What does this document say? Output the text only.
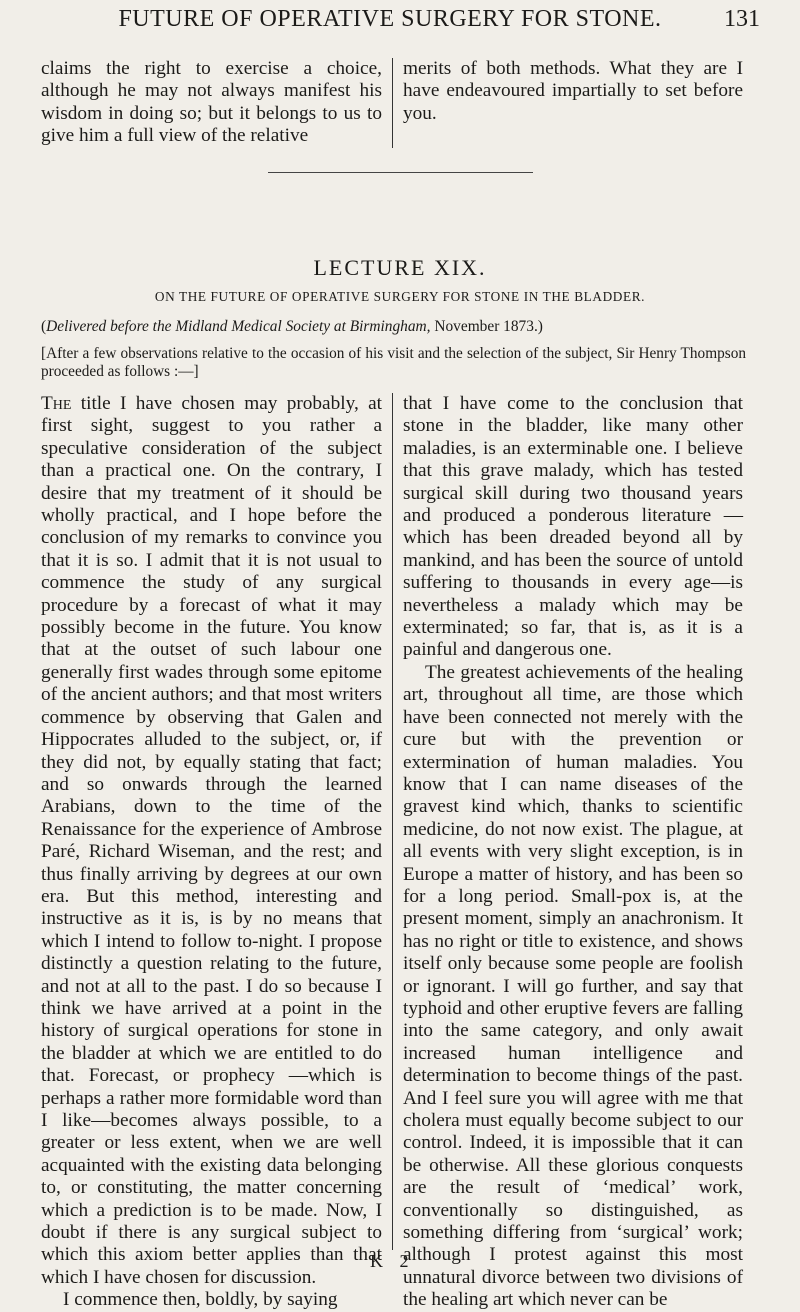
FUTURE OF OPERATIVE SURGERY FOR STONE.	131

claims the right to exercise a choice, although he may not always manifest his wisdom in doing so; but it belongs to us to give him a full view of the relative

merits of both methods. What they are I have endeavoured impartially to set before you.

LECTURE XIX.
ON THE FUTURE OF OPERATIVE SURGERY FOR STONE IN THE BLADDER.
(Delivered before the Midland Medical Society at Birmingham, November 1873.)
[After a few observations relative to the occasion of his visit and the selection of the subject, Sir Henry Thompson proceeded as follows :—]

The title I have chosen may probably, at first sight, suggest to you rather a speculative consideration of the subject than a practical one. On the contrary, I desire that my treatment of it should be wholly practical, and I hope before the conclusion of my remarks to convince you that it is so. I admit that it is not usual to commence the study of any surgical procedure by a forecast of what it may possibly become in the future. You know that at the outset of such labour one generally first wades through some epitome of the ancient authors; and that most writers commence by observing that Galen and Hippocrates alluded to the subject, or, if they did not, by equally stating that fact; and so onwards through the learned Arabians, down to the time of the Renaissance for the experience of Ambrose Paré, Richard Wiseman, and the rest; and thus finally arriving by degrees at our own era. But this method, interesting and instructive as it is, is by no means that which I intend to follow to-night. I propose distinctly a question relating to the future, and not at all to the past. I do so because I think we have arrived at a point in the history of surgical operations for stone in the bladder at which we are entitled to do that. Forecast, or prophecy —which is perhaps a rather more formidable word than I like—becomes always possible, to a greater or less extent, when we are well acquainted with the existing data belonging to, or constituting, the matter concerning which a prediction is to be made. Now, I doubt if there is any surgical subject to which this axiom better applies than that which I have chosen for discussion.

I commence then, boldly, by saying

that I have come to the conclusion that stone in the bladder, like many other maladies, is an exterminable one. I believe that this grave malady, which has tested surgical skill during two thousand years and produced a ponderous literature —which has been dreaded beyond all by mankind, and has been the source of untold suffering to thousands in every age—is nevertheless a malady which may be exterminated; so far, that is, as it is a painful and dangerous one.

The greatest achievements of the healing art, throughout all time, are those which have been connected not merely with the cure but with the prevention or extermination of human maladies. You know that I can name diseases of the gravest kind which, thanks to scientific medicine, do not now exist. The plague, at all events with very slight exception, is in Europe a matter of history, and has been so for a long period. Small-pox is, at the present moment, simply an anachronism. It has no right or title to existence, and shows itself only because some people are foolish or ignorant. I will go further, and say that typhoid and other eruptive fevers are falling into the same category, and only await increased human intelligence and determination to become things of the past. And I feel sure you will agree with me that cholera must equally become subject to our control. Indeed, it is impossible that it can be otherwise. All these glorious conquests are the result of ‘medical’ work, conventionally so distinguished, as something differing from ‘surgical’ work; although I protest against this most unnatural divorce between two divisions of the healing art which never can be

K 2
